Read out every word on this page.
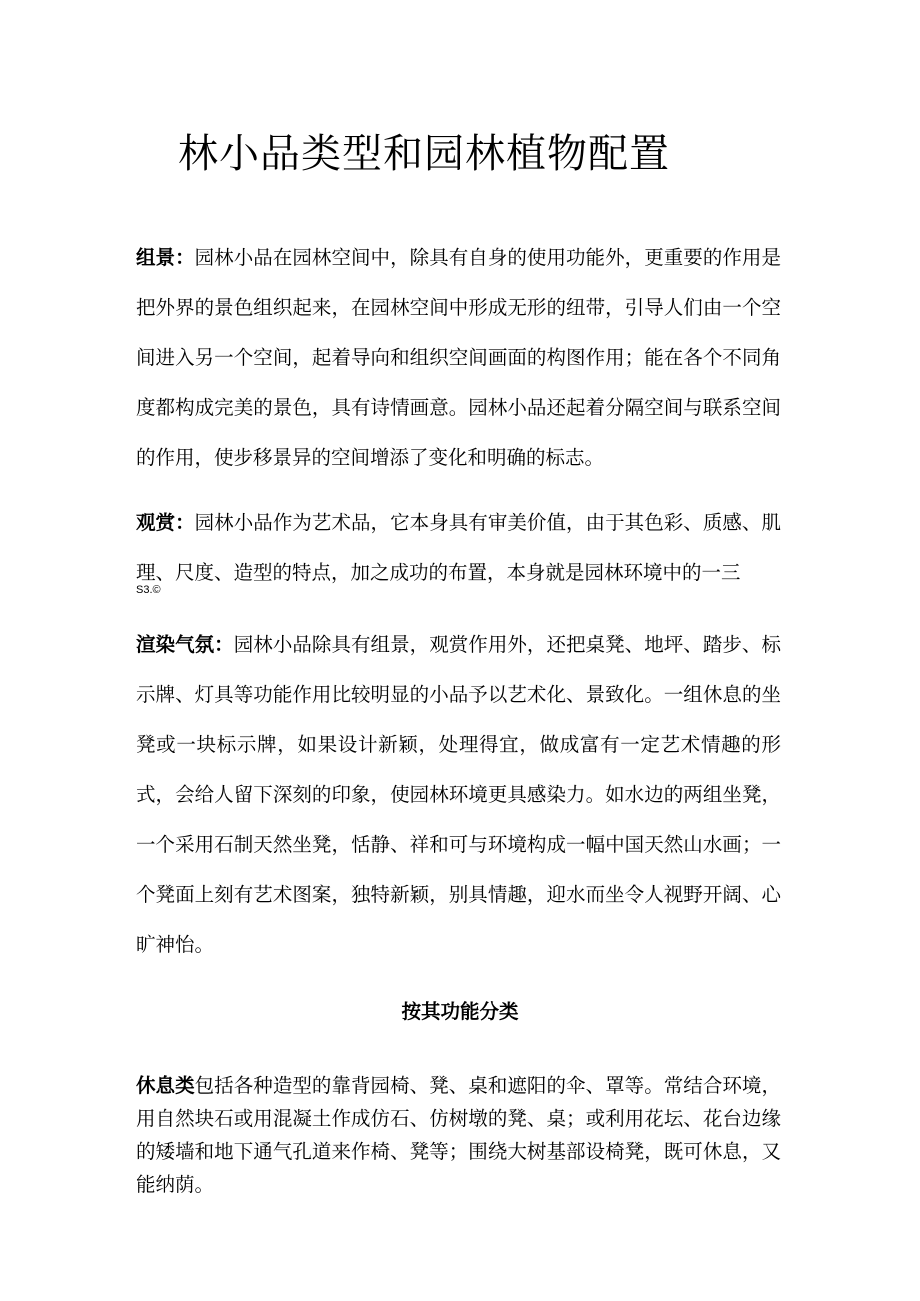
林小品类型和园林植物配置

组景：园林小品在园林空间中，除具有自身的使用功能外，更重要的作用是把外界的景色组织起来，在园林空间中形成无形的纽带，引导人们由一个空间进入另一个空间，起着导向和组织空间画面的构图作用；能在各个不同角度都构成完美的景色，具有诗情画意。园林小品还起着分隔空间与联系空间的作用，使步移景异的空间增添了变化和明确的标志。

观赏：园林小品作为艺术品，它本身具有审美价值，由于其色彩、质感、肌理、尺度、造型的特点，加之成功的布置，本身就是园林环境中的一三

S3.©

渲染气氛：园林小品除具有组景，观赏作用外，还把桌凳、地坪、踏步、标示牌、灯具等功能作用比较明显的小品予以艺术化、景致化。一组休息的坐凳或一块标示牌，如果设计新颖，处理得宜，做成富有一定艺术情趣的形式，会给人留下深刻的印象，使园林环境更具感染力。如水边的两组坐凳，一个采用石制天然坐凳，恬静、祥和可与环境构成一幅中国天然山水画；一个凳面上刻有艺术图案，独特新颖，别具情趣，迎水而坐令人视野开阔、心旷神怡。

按其功能分类

休息类包括各种造型的靠背园椅、凳、桌和遮阳的伞、罩等。常结合环境，用自然块石或用混凝土作成仿石、仿树墩的凳、桌；或利用花坛、花台边缘的矮墙和地下通气孔道来作椅、凳等；围绕大树基部设椅凳，既可休息，又能纳荫。
